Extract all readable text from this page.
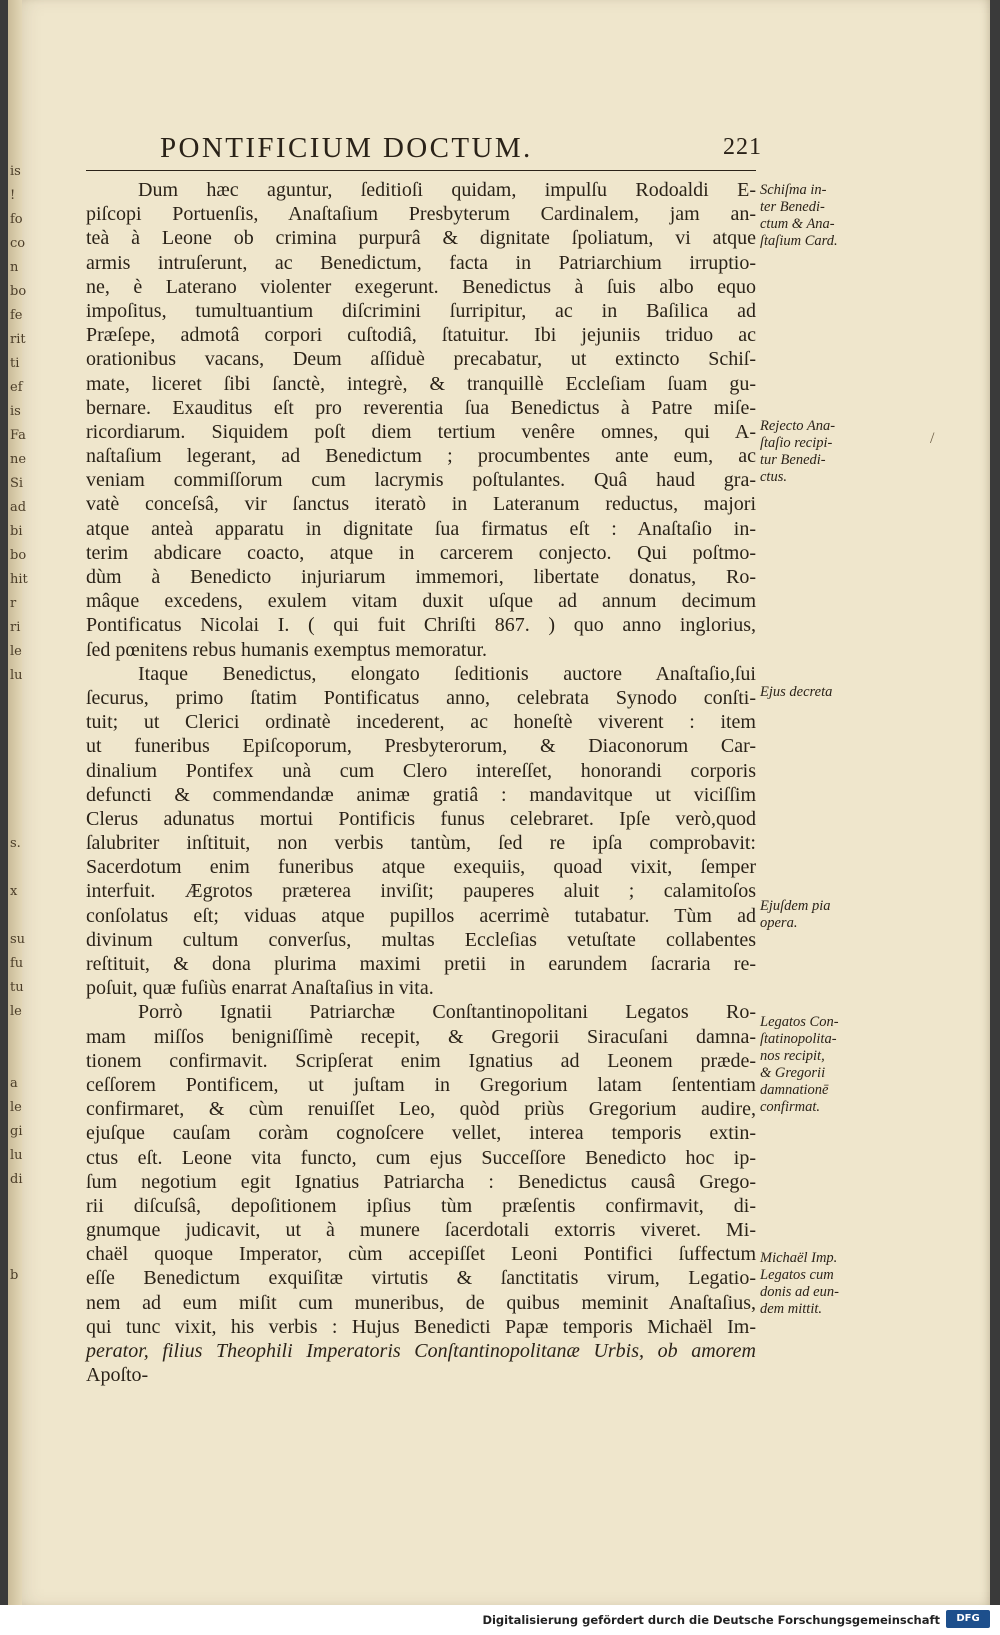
is
!
fo
co
n
bo
fe
rit
ti
ef
is
Fa
ne
Si
ad
bi
bo
hit
r
ri
le
lu

s.

x

su
fu
tu
le

a
le
gi
lu
di

b
PONTIFICIUM DOCTUM.	221
Dum hæc aguntur, ſeditioſi quidam, impulſu Rodoaldi E-
piſcopi Portuenſis, Anaſtaſium Presbyterum Cardinalem, jam an-
teà à Leone ob crimina purpurâ & dignitate ſpoliatum, vi atque
armis intruſerunt, ac Benedictum, facta in Patriarchium irruptio-
ne, è Laterano violenter exegerunt. Benedictus à ſuis albo equo
impoſitus, tumultuantium diſcrimini ſurripitur, ac in Baſilica ad
Præſepe, admotâ corpori cuſtodiâ, ſtatuitur. Ibi jejuniis triduo ac
orationibus vacans, Deum aſſiduè precabatur, ut extincto Schiſ-
mate, liceret ſibi ſanctè, integrè, & tranquillè Eccleſiam ſuam gu-
bernare. Exauditus eſt pro reverentia ſua Benedictus à Patre miſe-
ricordiarum. Siquidem poſt diem tertium venêre omnes, qui A-
naſtaſium legerant, ad Benedictum ; procumbentes ante eum, ac
veniam commiſſorum cum lacrymis poſtulantes. Quâ haud gra-
vatè conceſsâ, vir ſanctus iteratò in Lateranum reductus, majori
atque anteà apparatu in dignitate ſua firmatus eſt : Anaſtaſio in-
terim abdicare coacto, atque in carcerem conjecto. Qui poſtmo-
dùm à Benedicto injuriarum immemori, libertate donatus, Ro-
mâque excedens, exulem vitam duxit uſque ad annum decimum
Pontificatus Nicolai I. ( qui fuit Chriſti 867. ) quo anno inglorius,
ſed pœnitens rebus humanis exemptus memoratur.
Itaque Benedictus, elongato ſeditionis auctore Anaſtaſio,ſui
ſecurus, primo ſtatim Pontificatus anno, celebrata Synodo conſti-
tuit; ut Clerici ordinatè incederent, ac honeſtè viverent : item
ut funeribus Epiſcoporum, Presbyterorum, & Diaconorum Car-
dinalium Pontifex unà cum Clero intereſſet, honorandi corporis
defuncti & commendandæ animæ gratiâ : mandavitque ut viciſſim
Clerus adunatus mortui Pontificis funus celebraret. Ipſe verò,quod
ſalubriter inſtituit, non verbis tantùm, ſed re ipſa comprobavit:
Sacerdotum enim funeribus atque exequiis, quoad vixit, ſemper
interfuit. Ægrotos præterea inviſit; pauperes aluit ; calamitoſos
conſolatus eſt; viduas atque pupillos acerrimè tutabatur. Tùm ad
divinum cultum converſus, multas Eccleſias vetuſtate collabentes
reſtituit, & dona plurima maximi pretii in earundem ſacraria re-
poſuit, quæ fuſiùs enarrat Anaſtaſius in vita.
Porrò Ignatii Patriarchæ Conſtantinopolitani Legatos Ro-
mam miſſos benigniſſimè recepit, & Gregorii Siracuſani damna-
tionem confirmavit. Scripſerat enim Ignatius ad Leonem præde-
ceſſorem Pontificem, ut juſtam in Gregorium latam ſententiam
confirmaret, & cùm renuiſſet Leo, quòd priùs Gregorium audire,
ejuſque cauſam coràm cognoſcere vellet, interea temporis extin-
ctus eſt. Leone vita functo, cum ejus Succeſſore Benedicto hoc ip-
ſum negotium egit Ignatius Patriarcha : Benedictus causâ Grego-
rii diſcuſsâ, depoſitionem ipſius tùm præſentis confirmavit, di-
gnumque judicavit, ut à munere ſacerdotali extorris viveret. Mi-
chaël quoque Imperator, cùm accepiſſet Leoni Pontifici ſuffectum
eſſe Benedictum exquiſitæ virtutis & ſanctitatis virum, Legatio-
nem ad eum miſit cum muneribus, de quibus meminit Anaſtaſius,
qui tunc vixit, his verbis : Hujus Benedicti Papæ temporis Michaël Im-
perator, filius Theophili Imperatoris Conſtantinopolitanæ Urbis, ob amorem
Apoſto-
Schiſma in-
ter Benedi-
ctum & Ana-
ſtaſium Card.
Rejecto Ana-
ſtaſio recipi-
tur Benedi-
ctus.
Ejus decreta
Ejuſdem pia
opera.
Legatos Con-
ſtatinopolita-
nos recipit,
& Gregorii
damnationē
confirmat.
Michaël Imp.
Legatos cum
donis ad eun-
dem mittit.
/
Digitalisierung gefördert durch die Deutsche Forschungsgemeinschaft	DFG
